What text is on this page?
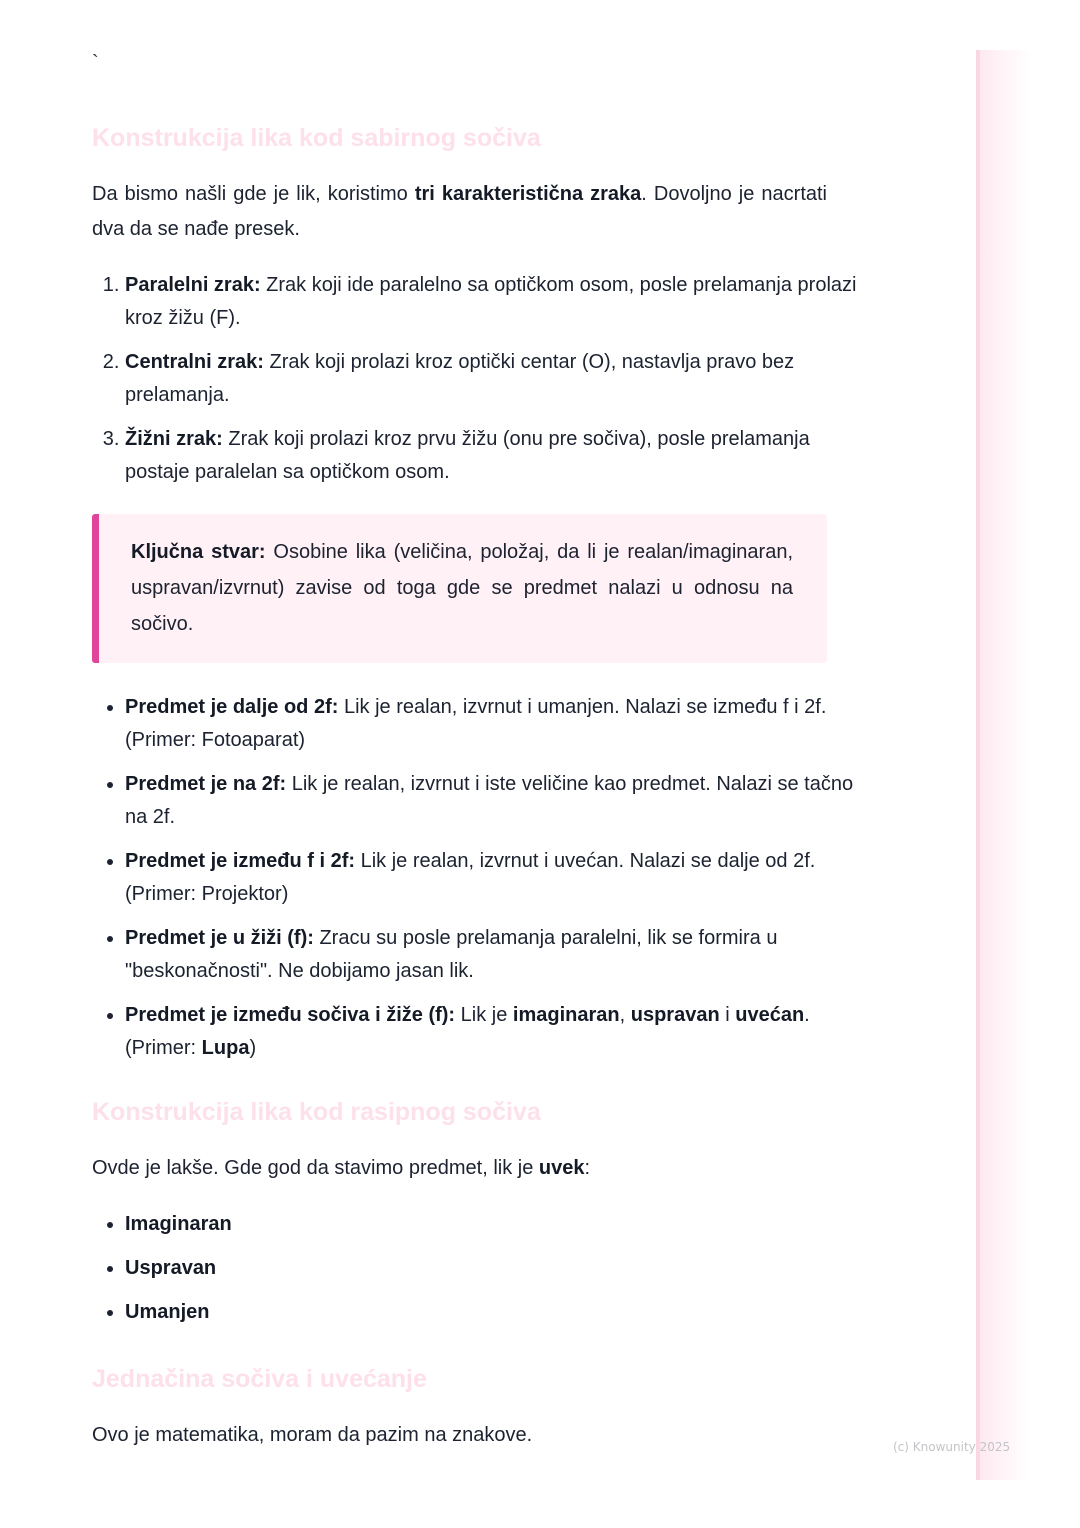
`
Konstrukcija lika kod sabirnog sočiva

Da bismo našli gde je lik, koristimo tri karakteristična zraka. Dovoljno je nacrtati dva da se nađe presek.

1. Paralelni zrak: Zrak koji ide paralelno sa optičkom osom, posle prelamanja prolazi kroz žižu (F).
2. Centralni zrak: Zrak koji prolazi kroz optički centar (O), nastavlja pravo bez prelamanja.
3. Žižni zrak: Zrak koji prolazi kroz prvu žižu (onu pre sočiva), posle prelamanja postaje paralelan sa optičkom osom.

Ključna stvar: Osobine lika (veličina, položaj, da li je realan/imaginaran, uspravan/izvrnut) zavise od toga gde se predmet nalazi u odnosu na sočivo.

• Predmet je dalje od 2f: Lik je realan, izvrnut i umanjen. Nalazi se između f i 2f. (Primer: Fotoaparat)
• Predmet je na 2f: Lik je realan, izvrnut i iste veličine kao predmet. Nalazi se tačno na 2f.
• Predmet je između f i 2f: Lik je realan, izvrnut i uvećan. Nalazi se dalje od 2f. (Primer: Projektor)
• Predmet je u žiži (f): Zracu su posle prelamanja paralelni, lik se formira u "beskonačnosti". Ne dobijamo jasan lik.
• Predmet je između sočiva i žiže (f): Lik je imaginaran, uspravan i uvećan. (Primer: Lupa)
Konstrukcija lika kod rasipnog sočiva

Ovde je lakše. Gde god da stavimo predmet, lik je uvek:

• Imaginaran
• Uspravan
• Umanjen
Jednačina sočiva i uvećanje

Ovo je matematika, moram da pazim na znakove.

(c) Knowunity 2025
